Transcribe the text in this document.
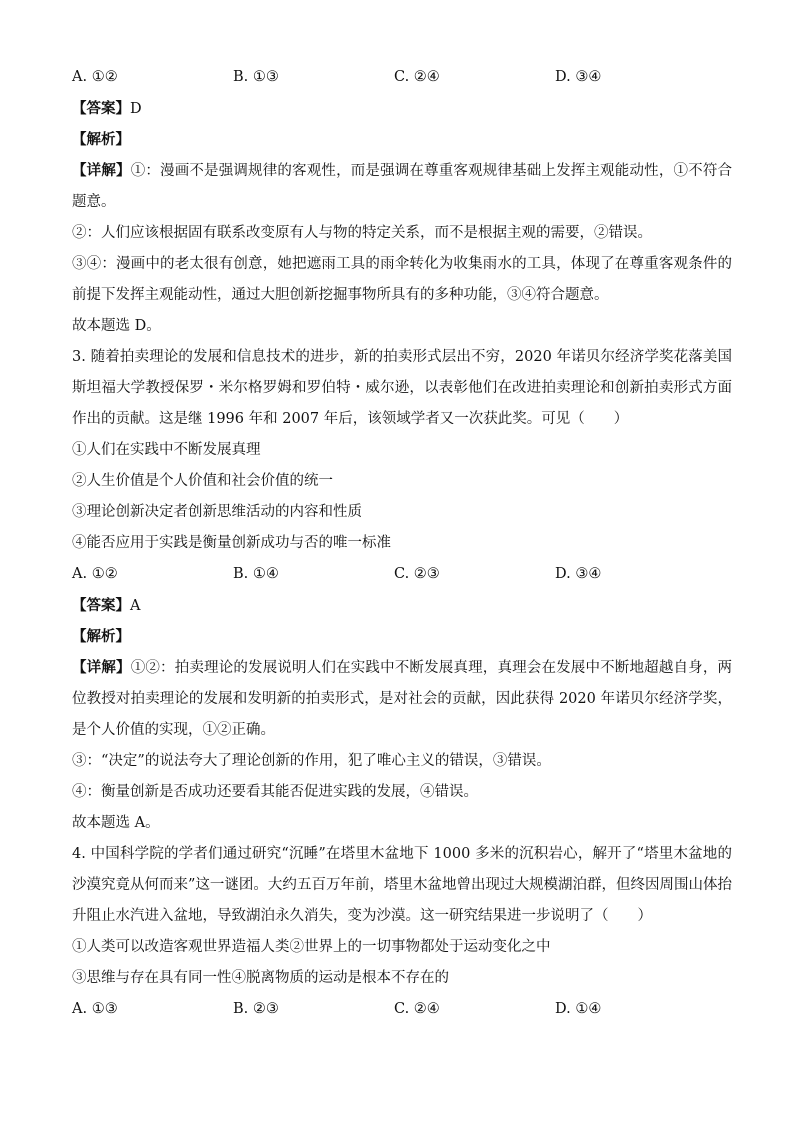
A. ①②	B. ①③	C. ②④	D. ③④
【答案】D
【解析】
【详解】①：漫画不是强调规律的客观性，而是强调在尊重客观规律基础上发挥主观能动性，①不符合题意。
②：人们应该根据固有联系改变原有人与物的特定关系，而不是根据主观的需要，②错误。
③④：漫画中的老太很有创意，她把遮雨工具的雨伞转化为收集雨水的工具，体现了在尊重客观条件的前提下发挥主观能动性，通过大胆创新挖掘事物所具有的多种功能，③④符合题意。
故本题选 D。
3. 随着拍卖理论的发展和信息技术的进步，新的拍卖形式层出不穷，2020 年诺贝尔经济学奖花落美国斯坦福大学教授保罗・米尔格罗姆和罗伯特・威尔逊，以表彰他们在改进拍卖理论和创新拍卖形式方面作出的贡献。这是继 1996 年和 2007 年后，该领域学者又一次获此奖。可见（　　）
①人们在实践中不断发展真理
②人生价值是个人价值和社会价值的统一
③理论创新决定者创新思维活动的内容和性质
④能否应用于实践是衡量创新成功与否的唯一标准
A. ①②	B. ①④	C. ②③	D. ③④
【答案】A
【解析】
【详解】①②：拍卖理论的发展说明人们在实践中不断发展真理，真理会在发展中不断地超越自身，两位教授对拍卖理论的发展和发明新的拍卖形式，是对社会的贡献，因此获得 2020 年诺贝尔经济学奖，是个人价值的实现，①②正确。
③：“决定”的说法夸大了理论创新的作用，犯了唯心主义的错误，③错误。
④：衡量创新是否成功还要看其能否促进实践的发展，④错误。
故本题选 A。
4. 中国科学院的学者们通过研究“沉睡”在塔里木盆地下 1000 多米的沉积岩心，解开了“塔里木盆地的沙漠究竟从何而来”这一谜团。大约五百万年前，塔里木盆地曾出现过大规模湖泊群，但终因周围山体抬升阻止水汽进入盆地，导致湖泊永久消失，变为沙漠。这一研究结果进一步说明了（　　）
①人类可以改造客观世界造福人类②世界上的一切事物都处于运动变化之中
③思维与存在具有同一性④脱离物质的运动是根本不存在的
A. ①③	B. ②③	C. ②④	D. ①④
